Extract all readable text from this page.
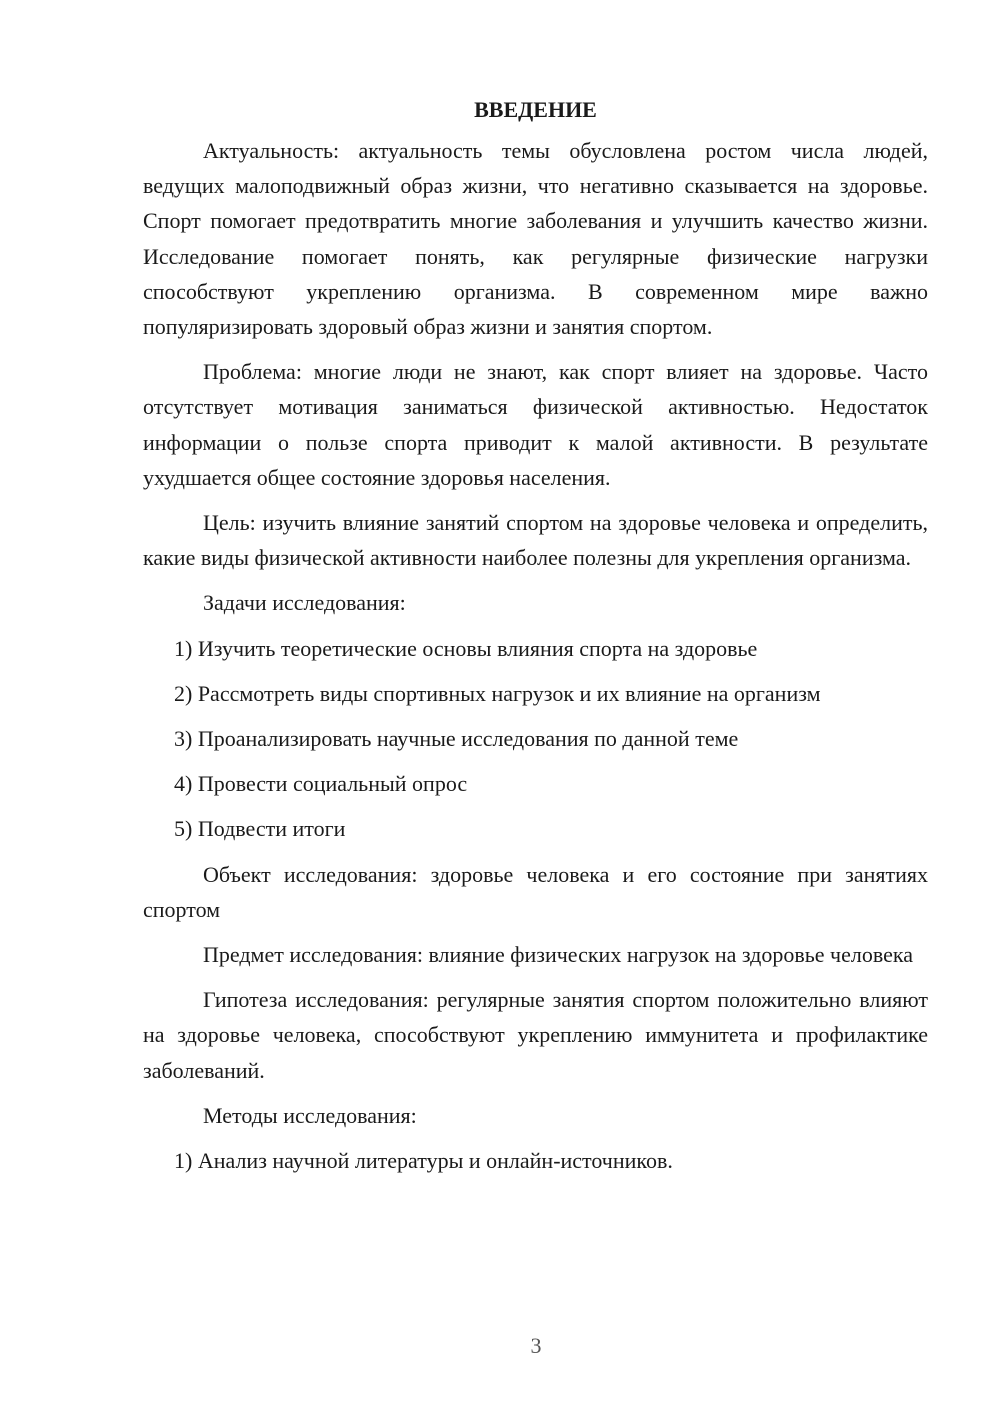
ВВЕДЕНИЕ
Актуальность: актуальность темы обусловлена ростом числа людей, ведущих малоподвижный образ жизни, что негативно сказывается на здоровье. Спорт помогает предотвратить многие заболевания и улучшить качество жизни. Исследование помогает понять, как регулярные физические нагрузки способствуют укреплению организма. В современном мире важно популяризировать здоровый образ жизни и занятия спортом.
Проблема: многие люди не знают, как спорт влияет на здоровье. Часто отсутствует мотивация заниматься физической активностью. Недостаток информации о пользе спорта приводит к малой активности. В результате ухудшается общее состояние здоровья населения.
Цель: изучить влияние занятий спортом на здоровье человека и определить, какие виды физической активности наиболее полезны для укрепления организма.
Задачи исследования:
1) Изучить теоретические основы влияния спорта на здоровье
2) Рассмотреть виды спортивных нагрузок и их влияние на организм
3) Проанализировать научные исследования по данной теме
4) Провести социальный опрос
5) Подвести итоги
Объект исследования: здоровье человека и его состояние при занятиях спортом
Предмет исследования: влияние физических нагрузок на здоровье человека
Гипотеза исследования: регулярные занятия спортом положительно влияют на здоровье человека, способствуют укреплению иммунитета и профилактике заболеваний.
Методы исследования:
1) Анализ научной литературы и онлайн-источников.
3
